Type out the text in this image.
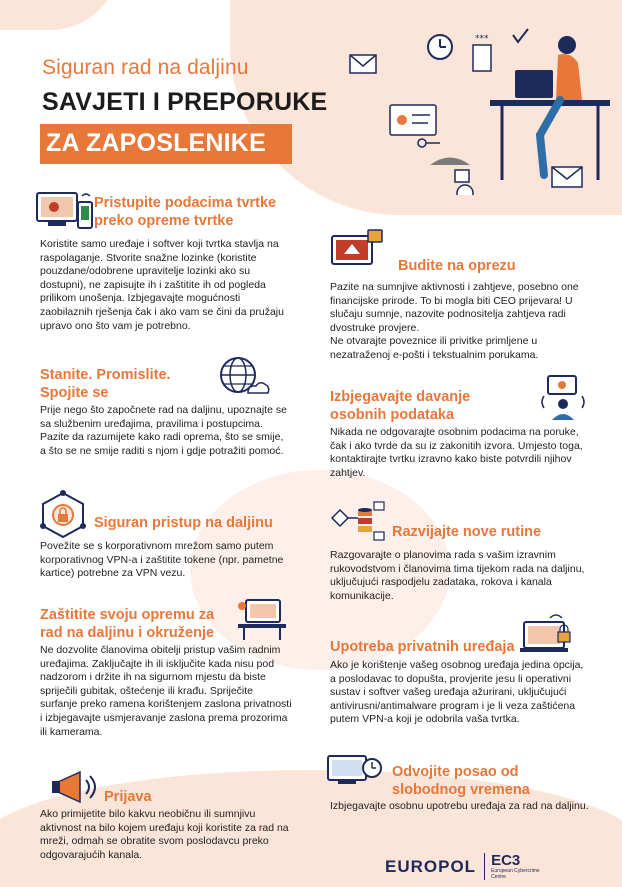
Siguran rad na daljinu
SAVJETI I PREPORUKE
ZA ZAPOSLENIKE
***
Pristupite podacima tvrtke
preko opreme tvrtke

Koristite samo uređaje i softver koji tvrtka stavlja na raspolaganje. Stvorite snažne lozinke (koristite pouzdane/odobrene upravitelje lozinki ako su dostupni), ne zapisujte ih i zaštitite ih od pogleda prilikom unošenja. Izbjegavajte mogućnosti zaobilaznih rješenja čak i ako vam se čini da pružaju upravo ono što vam je potrebno.

Stanite. Promislite.
Spojite se

Prije nego što započnete rad na daljinu, upoznajte se sa službenim uređajima, pravilima i postupcima. Pazite da razumijete kako radi oprema, što se smije, a što se ne smije raditi s njom i gdje potražiti pomoć.

Siguran pristup na daljinu

Povežite se s korporativnom mrežom samo putem korporativnog VPN-a i zaštitite tokene (npr. pametne kartice) potrebne za VPN vezu.

Zaštitite svoju opremu za
rad na daljinu i okruženje

Ne dozvolite članovima obitelji pristup vašim radnim uređajima. Zaključajte ih ili isključite kada nisu pod nadzorom i držite ih na sigurnom mjestu da biste spriječili gubitak, oštećenje ili krađu. Spriječite surfanje preko ramena korištenjem zaslona privatnosti i izbjegavajte usmjeravanje zaslona prema prozorima ili kamerama.

Prijava

Ako primijetite bilo kakvu neobičnu ili sumnjivu aktivnost na bilo kojem uređaju koji koristite za rad na mreži, odmah se obratite svom poslodavcu preko odgovarajućih kanala.

Budite na oprezu

Pazite na sumnjive aktivnosti i zahtjeve, posebno one financijske prirode. To bi mogla biti CEO prijevara! U slučaju sumnje, nazovite podnositelja zahtjeva radi dvostruke provjere.

Ne otvarajte poveznice ili privitke primljene u nezatraženoj e-pošti i tekstualnim porukama.

Izbjegavajte davanje
osobnih podataka

Nikada ne odgovarajte osobnim podacima na poruke, čak i ako tvrde da su iz zakonitih izvora. Umjesto toga, kontaktirajte tvrtku izravno kako biste potvrdili njihov zahtjev.

Razvijajte nove rutine

Razgovarajte o planovima rada s vašim izravnim rukovodstvom i članovima tima tijekom rada na daljinu, uključujući raspodjelu zadataka, rokova i kanala komunikacije.

Upotreba privatnih uređaja

Ako je korištenje vašeg osobnog uređaja jedina opcija, a poslodavac to dopušta, provjerite jesu li operativni sustav i softver vašeg uređaja ažurirani, uključujući antivirusni/antimalware program i je li veza zaštićena putem VPN-a koji je odobrila vaša tvrtka.

Odvojite posao od
slobodnog vremena

Izbjegavajte osobnu upotrebu uređaja za rad na daljinu.

EUROPOL EC3
European Cybercrime Centre
